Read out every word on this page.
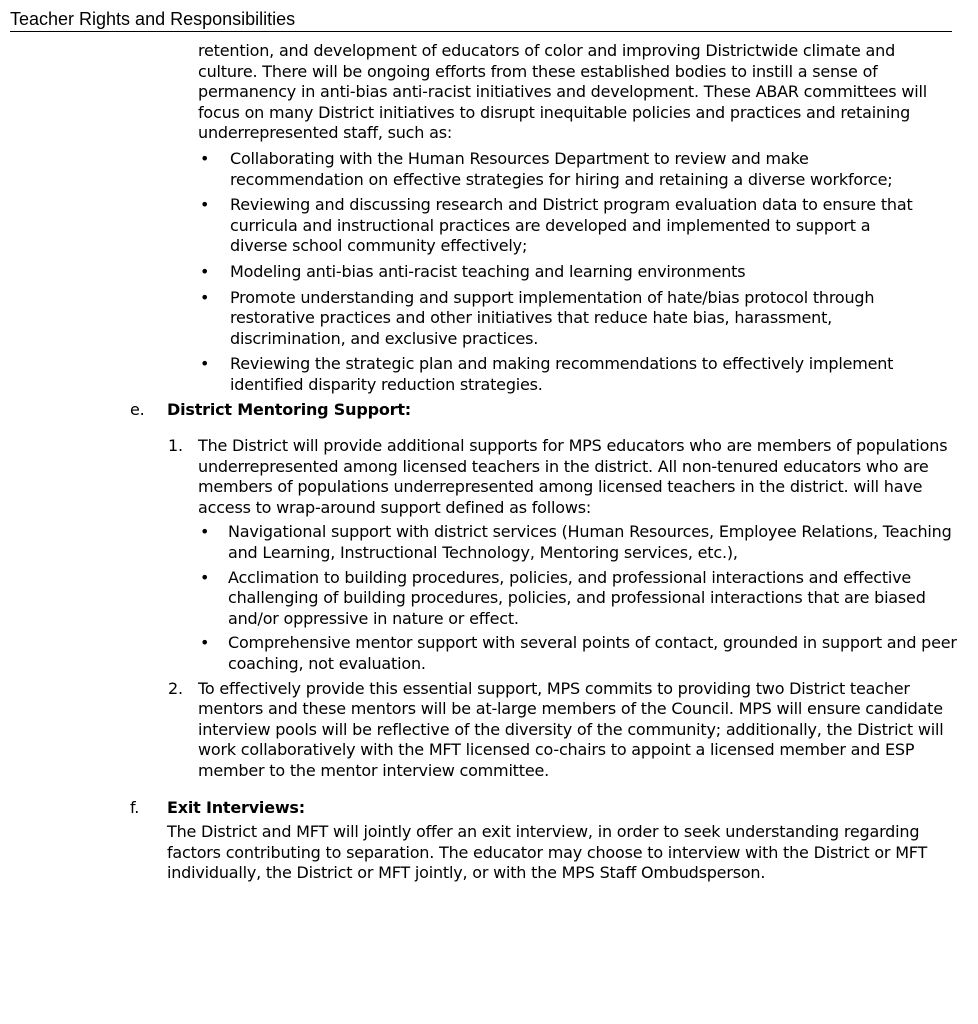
Teacher Rights and Responsibilities

retention, and development of educators of color and improving Districtwide climate and culture. There will be ongoing efforts from these established bodies to instill a sense of permanency in anti-bias anti-racist initiatives and development. These ABAR committees will focus on many District initiatives to disrupt inequitable policies and practices and retaining underrepresented staff, such as:

• Collaborating with the Human Resources Department to review and make recommendation on effective strategies for hiring and retaining a diverse workforce;
• Reviewing and discussing research and District program evaluation data to ensure that curricula and instructional practices are developed and implemented to support a diverse school community effectively;
• Modeling anti-bias anti-racist teaching and learning environments
• Promote understanding and support implementation of hate/bias protocol through restorative practices and other initiatives that reduce hate bias, harassment, discrimination, and exclusive practices.
• Reviewing the strategic plan and making recommendations to effectively implement identified disparity reduction strategies.
e. District Mentoring Support:
1. The District will provide additional supports for MPS educators who are members of populations underrepresented among licensed teachers in the district. All non-tenured educators who are members of populations underrepresented among licensed teachers in the district. will have access to wrap-around support defined as follows:

• Navigational support with district services (Human Resources, Employee Relations, Teaching and Learning, Instructional Technology, Mentoring services, etc.),
• Acclimation to building procedures, policies, and professional interactions and effective challenging of building procedures, policies, and professional interactions that are biased and/or oppressive in nature or effect.
• Comprehensive mentor support with several points of contact, grounded in support and peer coaching, not evaluation.
2. To effectively provide this essential support, MPS commits to providing two District teacher mentors and these mentors will be at-large members of the Council. MPS will ensure candidate interview pools will be reflective of the diversity of the community; additionally, the District will work collaboratively with the MFT licensed co-chairs to appoint a licensed member and ESP member to the mentor interview committee.

f. Exit Interviews:

The District and MFT will jointly offer an exit interview, in order to seek understanding regarding factors contributing to separation. The educator may choose to interview with the District or MFT individually, the District or MFT jointly, or with the MPS Staff Ombudsperson.
